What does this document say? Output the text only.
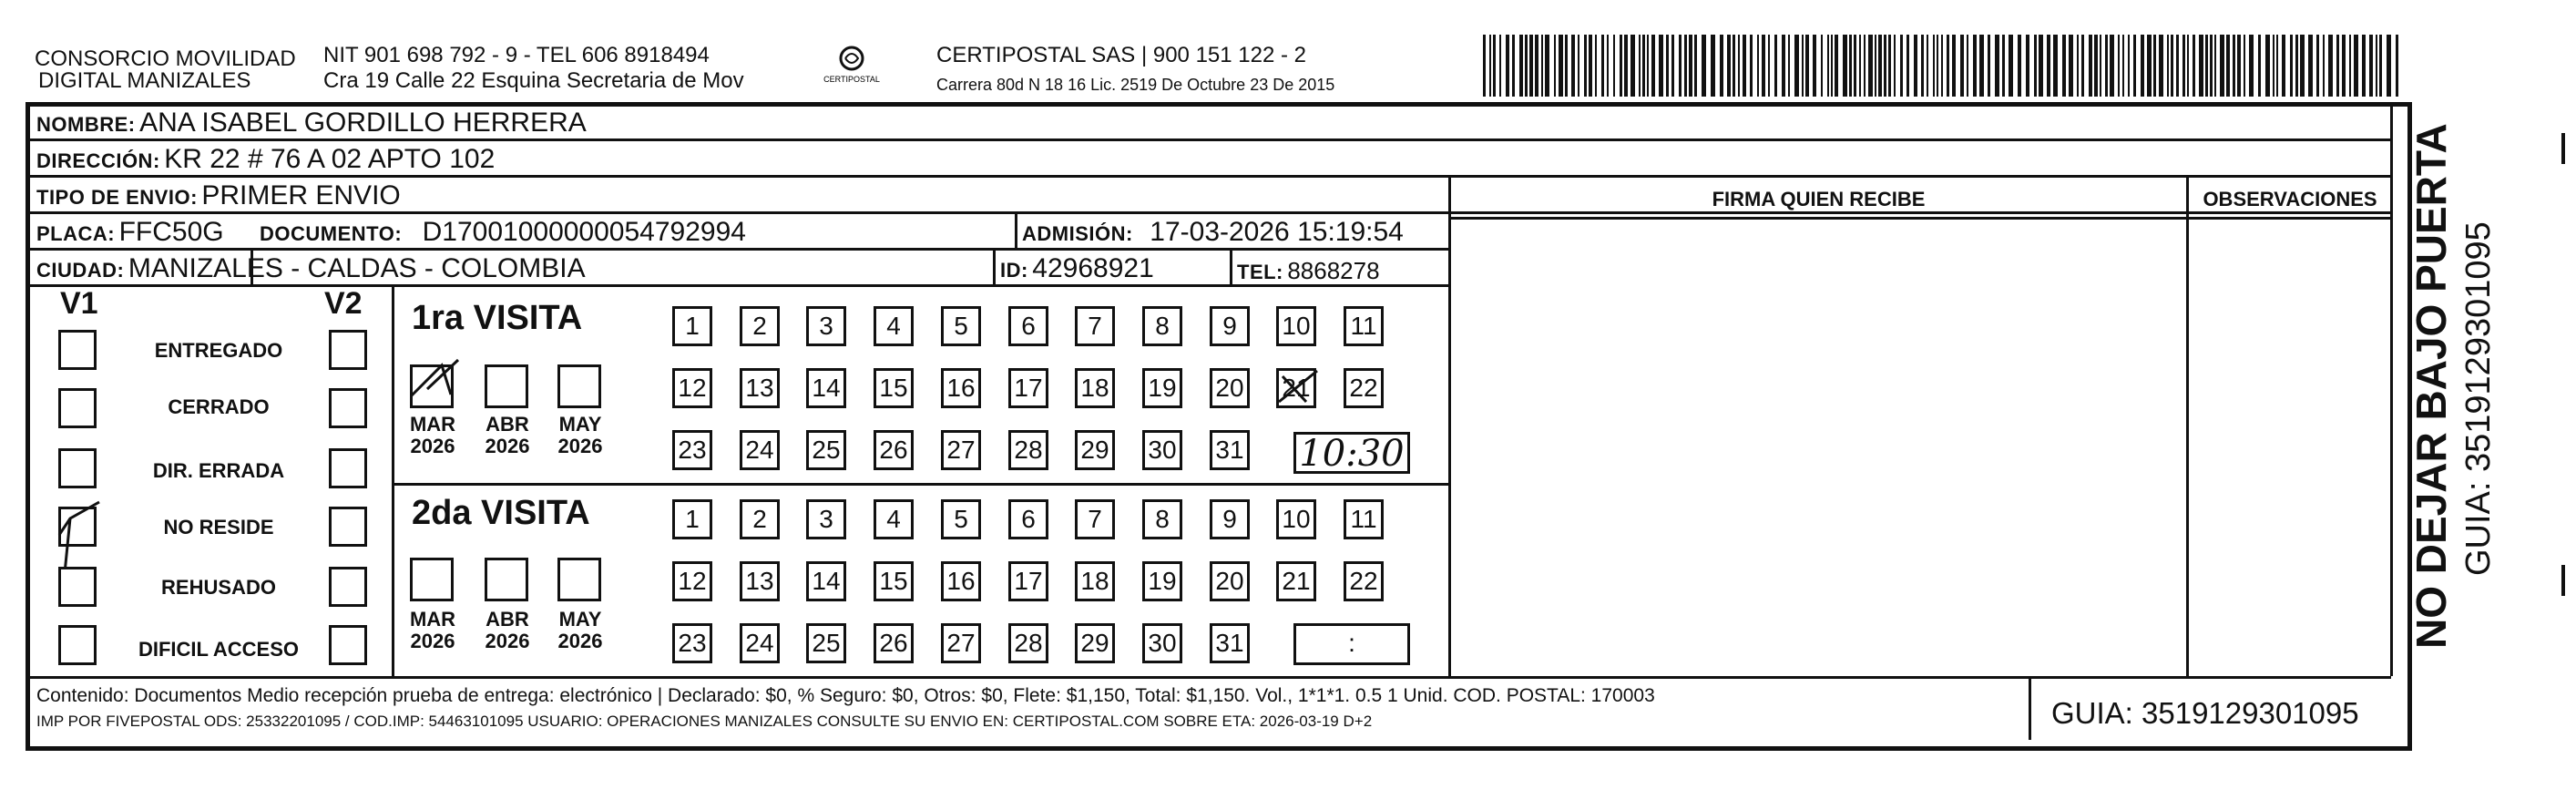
CONSORCIO MOVILIDAD
DIGITAL MANIZALES
NIT 901 698 792 - 9 - TEL 606 8918494
Cra 19 Calle 22 Esquina Secretaria de Mov	CERTIPOSTAL
CERTIPOSTAL SAS | 900 151 122 - 2
Carrera 80d N 18 16 Lic. 2519 De Octubre 23 De 2015
NOMBRE: ANA ISABEL GORDILLO HERRERA
DIRECCIÓN: KR 22 # 76 A 02 APTO 102
TIPO DE ENVIO: PRIMER ENVIO
PLACA: FFC50G DOCUMENTO: D17001000000054792994	ADMISIÓN: 17-03-2026 15:19:54
CIUDAD: MANIZALES - CALDAS - COLOMBIA	ID: 42968921	TEL: 8868278
FIRMA QUIEN RECIBE	OBSERVACIONES
V1	V2
ENTREGADO
CERRADO
DIR. ERRADA
NO RESIDE
REHUSADO
DIFICIL ACCESO
1ra VISITA
2da VISITA
MAR
2026
ABR
2026
MAY
2026
MAR
2026
ABR
2026
MAY
2026
1	2	3	4	5	6	7	8	9	10 11
12 13 14 15 16 17 18 19 20 21 22
23 24 25 26 27 28 29 30 31
1	2	3	4	5	6	7	8	9	10 11
12 13 14 15 16 17 18 19 20 21 22
23 24 25 26 27 28 29 30 31
10:30
:
Contenido: Documentos Medio recepción prueba de entrega: electrónico | Declarado: $0, % Seguro: $0, Otros: $0, Flete: $1,150, Total: $1,150. Vol., 1*1*1. 0.5 1 Unid. COD. POSTAL: 170003
IMP POR FIVEPOSTAL ODS: 25332201095 / COD.IMP: 54463101095 USUARIO: OPERACIONES MANIZALES CONSULTE SU ENVIO EN: CERTIPOSTAL.COM SOBRE ETA: 2026-03-19 D+2	GUIA: 3519129301095
NO DEJAR BAJO PUERTA GUIA: 3519129301095
